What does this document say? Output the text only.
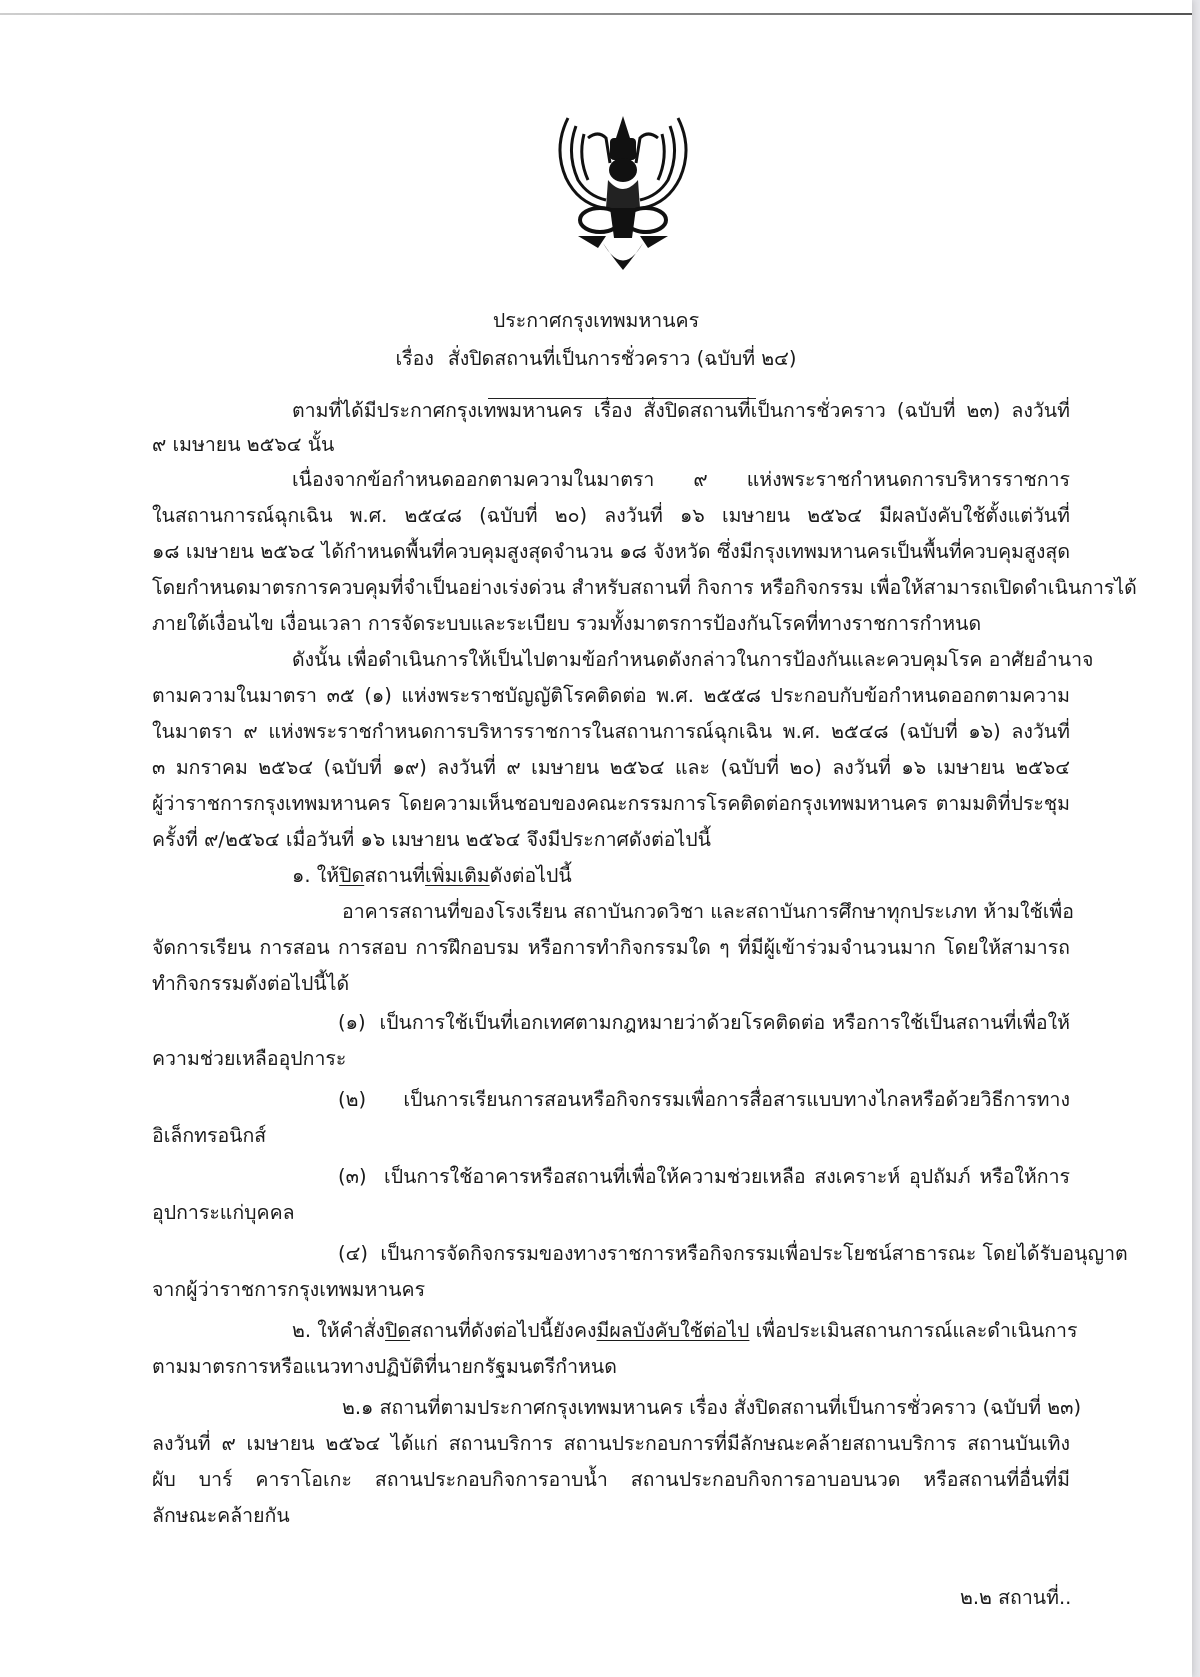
ประกาศกรุงเทพมหานคร
เรื่อง สั่งปิดสถานที่เป็นการชั่วคราว (ฉบับที่ ๒๔)
ตามที่ได้มีประกาศกรุงเทพมหานคร เรื่อง สั่งปิดสถานที่เป็นการชั่วคราว (ฉบับที่ ๒๓) ลงวันที่
๙ เมษายน ๒๕๖๔ นั้น
เนื่องจากข้อกำหนดออกตามความในมาตรา ๙ แห่งพระราชกำหนดการบริหารราชการ
ในสถานการณ์ฉุกเฉิน พ.ศ. ๒๕๔๘ (ฉบับที่ ๒๐) ลงวันที่ ๑๖ เมษายน ๒๕๖๔ มีผลบังคับใช้ตั้งแต่วันที่
๑๘ เมษายน ๒๕๖๔ ได้กำหนดพื้นที่ควบคุมสูงสุดจำนวน ๑๘ จังหวัด ซึ่งมีกรุงเทพมหานครเป็นพื้นที่ควบคุมสูงสุด
โดยกำหนดมาตรการควบคุมที่จำเป็นอย่างเร่งด่วน สำหรับสถานที่ กิจการ หรือกิจกรรม เพื่อให้สามารถเปิดดำเนินการได้
ภายใต้เงื่อนไข เงื่อนเวลา การจัดระบบและระเบียบ รวมทั้งมาตรการป้องกันโรคที่ทางราชการกำหนด
ดังนั้น เพื่อดำเนินการให้เป็นไปตามข้อกำหนดดังกล่าวในการป้องกันและควบคุมโรค อาศัยอำนาจ
ตามความในมาตรา ๓๕ (๑) แห่งพระราชบัญญัติโรคติดต่อ พ.ศ. ๒๕๕๘ ประกอบกับข้อกำหนดออกตามความ
ในมาตรา ๙ แห่งพระราชกำหนดการบริหารราชการในสถานการณ์ฉุกเฉิน พ.ศ. ๒๕๔๘ (ฉบับที่ ๑๖) ลงวันที่
๓ มกราคม ๒๕๖๔ (ฉบับที่ ๑๙) ลงวันที่ ๙ เมษายน ๒๕๖๔ และ (ฉบับที่ ๒๐) ลงวันที่ ๑๖ เมษายน ๒๕๖๔
ผู้ว่าราชการกรุงเทพมหานคร โดยความเห็นชอบของคณะกรรมการโรคติดต่อกรุงเทพมหานคร ตามมติที่ประชุม
ครั้งที่ ๙/๒๕๖๔ เมื่อวันที่ ๑๖ เมษายน ๒๕๖๔ จึงมีประกาศดังต่อไปนี้
๑. ให้ปิดสถานที่เพิ่มเติมดังต่อไปนี้
อาคารสถานที่ของโรงเรียน สถาบันกวดวิชา และสถาบันการศึกษาทุกประเภท ห้ามใช้เพื่อ
จัดการเรียน การสอน การสอบ การฝึกอบรม หรือการทำกิจกรรมใด ๆ ที่มีผู้เข้าร่วมจำนวนมาก โดยให้สามารถ
ทำกิจกรรมดังต่อไปนี้ได้
(๑) เป็นการใช้เป็นที่เอกเทศตามกฎหมายว่าด้วยโรคติดต่อ หรือการใช้เป็นสถานที่เพื่อให้
ความช่วยเหลืออุปการะ
(๒) เป็นการเรียนการสอนหรือกิจกรรมเพื่อการสื่อสารแบบทางไกลหรือด้วยวิธีการทาง
อิเล็กทรอนิกส์
(๓) เป็นการใช้อาคารหรือสถานที่เพื่อให้ความช่วยเหลือ สงเคราะห์ อุปถัมภ์ หรือให้การ
อุปการะแก่บุคคล
(๔) เป็นการจัดกิจกรรมของทางราชการหรือกิจกรรมเพื่อประโยชน์สาธารณะ โดยได้รับอนุญาต
จากผู้ว่าราชการกรุงเทพมหานคร
๒. ให้คำสั่งปิดสถานที่ดังต่อไปนี้ยังคงมีผลบังคับใช้ต่อไป เพื่อประเมินสถานการณ์และดำเนินการ
ตามมาตรการหรือแนวทางปฏิบัติที่นายกรัฐมนตรีกำหนด
๒.๑ สถานที่ตามประกาศกรุงเทพมหานคร เรื่อง สั่งปิดสถานที่เป็นการชั่วคราว (ฉบับที่ ๒๓)
ลงวันที่ ๙ เมษายน ๒๕๖๔ ได้แก่ สถานบริการ สถานประกอบการที่มีลักษณะคล้ายสถานบริการ สถานบันเทิง
ผับ บาร์ คาราโอเกะ สถานประกอบกิจการอาบน้ำ สถานประกอบกิจการอาบอบนวด หรือสถานที่อื่นที่มี
ลักษณะคล้ายกัน
๒.๒ สถานที่..
